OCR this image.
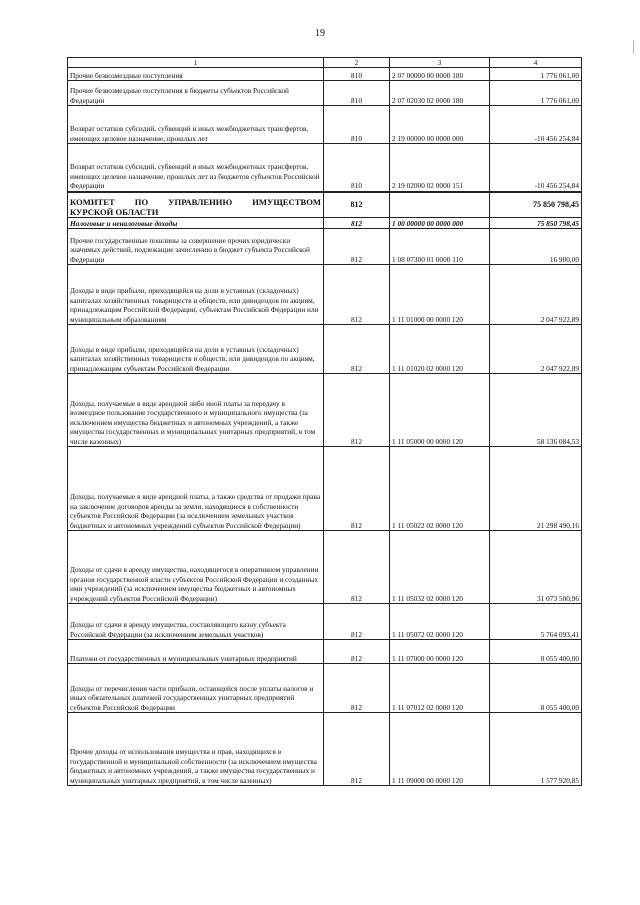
19
1	2	3	4
Прочие безвозмездные поступления	810	2 07 00000 00 0000 180	1 776 061,00
Прочие безвозмездные поступления в бюджеты субъектов Российской Федерации	810	2 07 02030 02 0000 180	1 776 061,00
Возврат остатков субсидий, субвенций и иных межбюджетных трансфертов, имеющих целевое назначение, прошлых лет	810	2 19 00000 00 0000 000	-10 456 254,84
Возврат остатков субсидий, субвенций и иных межбюджетных трансфертов, имеющих целевое назначение, прошлых лет из бюджетов субъектов Российской Федерации	810	2 19 02000 02 0000 151	-10 456 254,84
КОМИТЕТ ПО УПРАВЛЕНИЮ ИМУЩЕСТВОМ
КУРСКОЙ ОБЛАСТИ	812		75 850 798,45
Налоговые и неналоговые доходы	812	1 00 00000 00 0000 000	75 850 798,45
Прочие государственные пошлины за совершение прочих юридически значимых действий, подлежащие зачислению в бюджет субъекта Российской Федерации	812	1 08 07300 01 0000 110	16 900,00
Доходы в виде прибыли, приходящейся на доли в уставных (складочных) капиталах хозяйственных товариществ и обществ, или дивидендов по акциям, принадлежащим Российской Федерации, субъектам Российской Федерации или муниципальным образованиям	812	1 11 01000 00 0000 120	2 047 922,89
Доходы в виде прибыли, приходящейся на доли в уставных (складочных) капиталах хозяйственных товариществ и обществ, или дивидендов по акциям, принадлежащим субъектам Российской Федерации	812	1 11 01020 02 0000 120	2 047 922,89
Доходы, получаемые в виде арендной либо иной платы за передачу в возмездное пользование государственного и муниципального имущества (за исключением имущества бюджетных и автономных учреждений, а также имущества государственных и муниципальных унитарных предприятий, в том числе казенных)	812	1 11 05000 00 0000 120	58 136 084,53
Доходы, получаемые в виде арендной платы, а также средства от продажи права на заключение договоров аренды за земли, находящиеся в собственности субъектов Российской Федерации (за исключением земельных участков бюджетных и автономных учреждений субъектов Российской Федерации)	812	1 11 05022 02 0000 120	21 298 490,16
Доходы от сдачи в аренду имущества, находящегося в оперативном управлении органов государственной власти субъектов Российской Федерации и созданных ими учреждений (за исключением имущества бюджетных и автономных учреждений субъектов Российской Федерации)	812	1 11 05032 02 0000 120	31 073 500,96
Доходы от сдачи в аренду имущества, составляющего казну субъекта Российской Федерации (за исключением земельных участков)	812	1 11 05072 02 0000 120	5 764 093,41
Платежи от государственных и муниципальных унитарных предприятий	812	1 11 07000 00 0000 120	8 055 400,00
Доходы от перечисления части прибыли, остающейся после уплаты налогов и иных обязательных платежей государственных унитарных предприятий субъектов Российской Федерации	812	1 11 07012 02 0000 120	8 055 400,00
Прочие доходы от использования имущества и прав, находящихся в государственной и муниципальной собственности (за исключением имущества бюджетных и автономных учреждений, а также имущества государственных и муниципальных унитарных предприятий, в том числе казенных)	812	1 11 09000 00 0000 120	1 577 920,85
